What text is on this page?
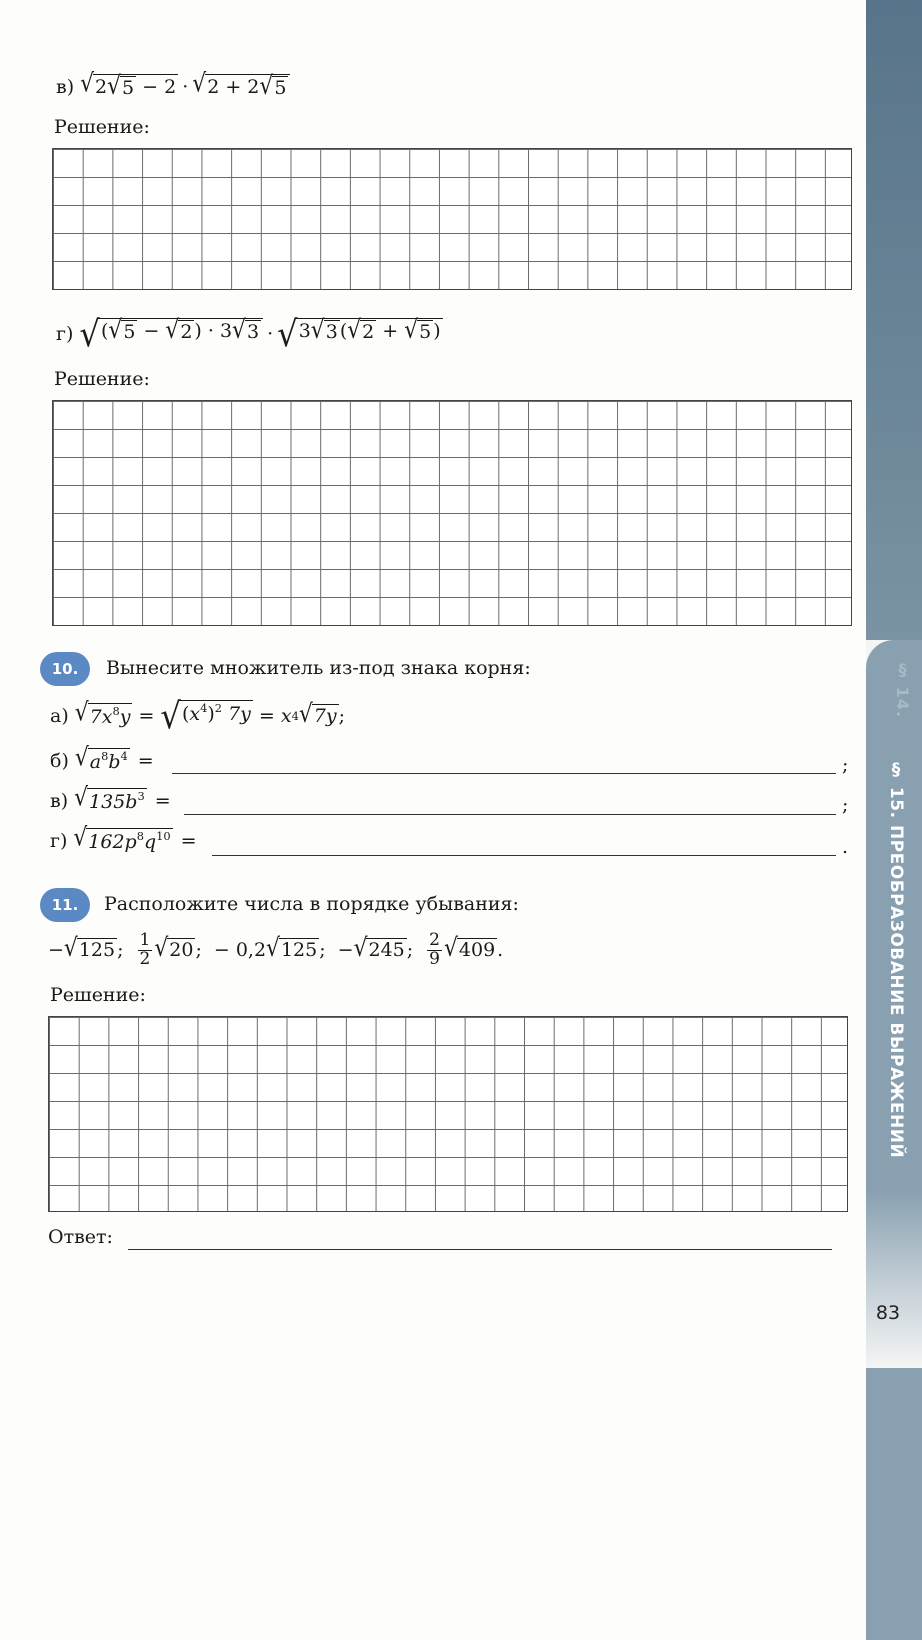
в) √ 2 √ 5 − 2 · √ 2 + 2 √ 5
Решение:
г) √ ( √ 5 − √ 2 ) · 3 √ 3 · √ 3 √ 3 ( √ 2 + √ 5 )
Решение:
10.	Вынесите множитель из-под знака корня:
а) √ $7x^8y$ = √ $(x^4)^2$ 7y = x 4 √ 7y ;
б) √ $a^8b^4$ =	;
в) √ $135b^3$ =	;
г) √ $162p^8q^{10}$ =	.
11.	Расположите числа в порядке убывания:
− √ 125 ; $\frac{1}{2}$ √ 20 ;
− 0,2 √ 125 ;
− √ 245 ; $\frac{2}{9}$ √ 409 .
Решение:
Ответ:
§ 14.
§ 15. ПРЕОБРАЗОВАНИЕ ВЫРАЖЕНИЙ
83
